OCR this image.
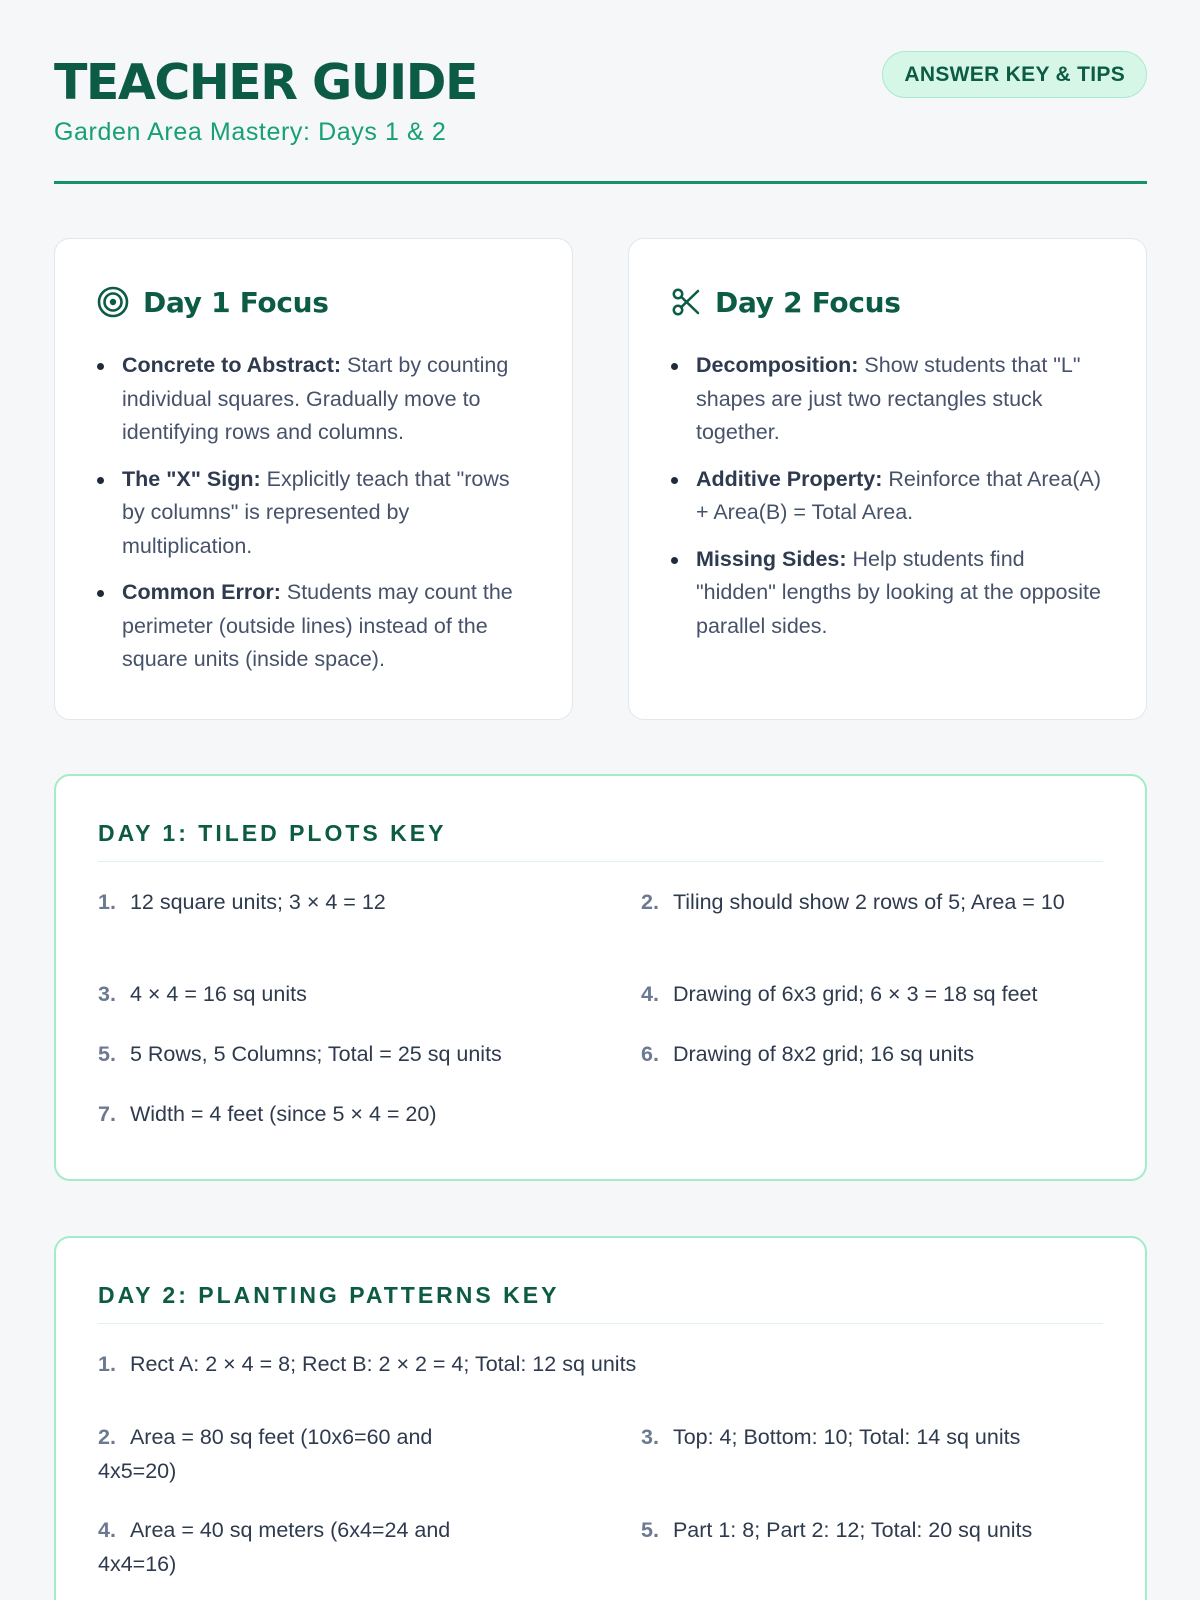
TEACHER GUIDE
Garden Area Mastery: Days 1 & 2
ANSWER KEY & TIPS
Day 1 Focus
Concrete to Abstract: Start by counting individual squares. Gradually move to identifying rows and columns.
The "X" Sign: Explicitly teach that "rows by columns" is represented by multiplication.
Common Error: Students may count the perimeter (outside lines) instead of the square units (inside space).
Day 2 Focus
Decomposition: Show students that "L" shapes are just two rectangles stuck together.
Additive Property: Reinforce that Area(A) + Area(B) = Total Area.
Missing Sides: Help students find "hidden" lengths by looking at the opposite parallel sides.
DAY 1: TILED PLOTS KEY
1. 12 square units; 3 × 4 = 12	2. Tiling should show 2 rows of 5; Area = 10
3. 4 × 4 = 16 sq units	4. Drawing of 6x3 grid; 6 × 3 = 18 sq feet
5. 5 Rows, 5 Columns; Total = 25 sq units	6. Drawing of 8x2 grid; 16 sq units
7. Width = 4 feet (since 5 × 4 = 20)
DAY 2: PLANTING PATTERNS KEY
1. Rect A: 2 × 4 = 8; Rect B: 2 × 2 = 4; Total: 12 sq units
2. Area = 80 sq feet (10x6=60 and 4x5=20)
3. Top: 4; Bottom: 10; Total: 14 sq units
4. Area = 40 sq meters (6x4=24 and 4x4=16)
5. Part 1: 8; Part 2: 12; Total: 20 sq units
